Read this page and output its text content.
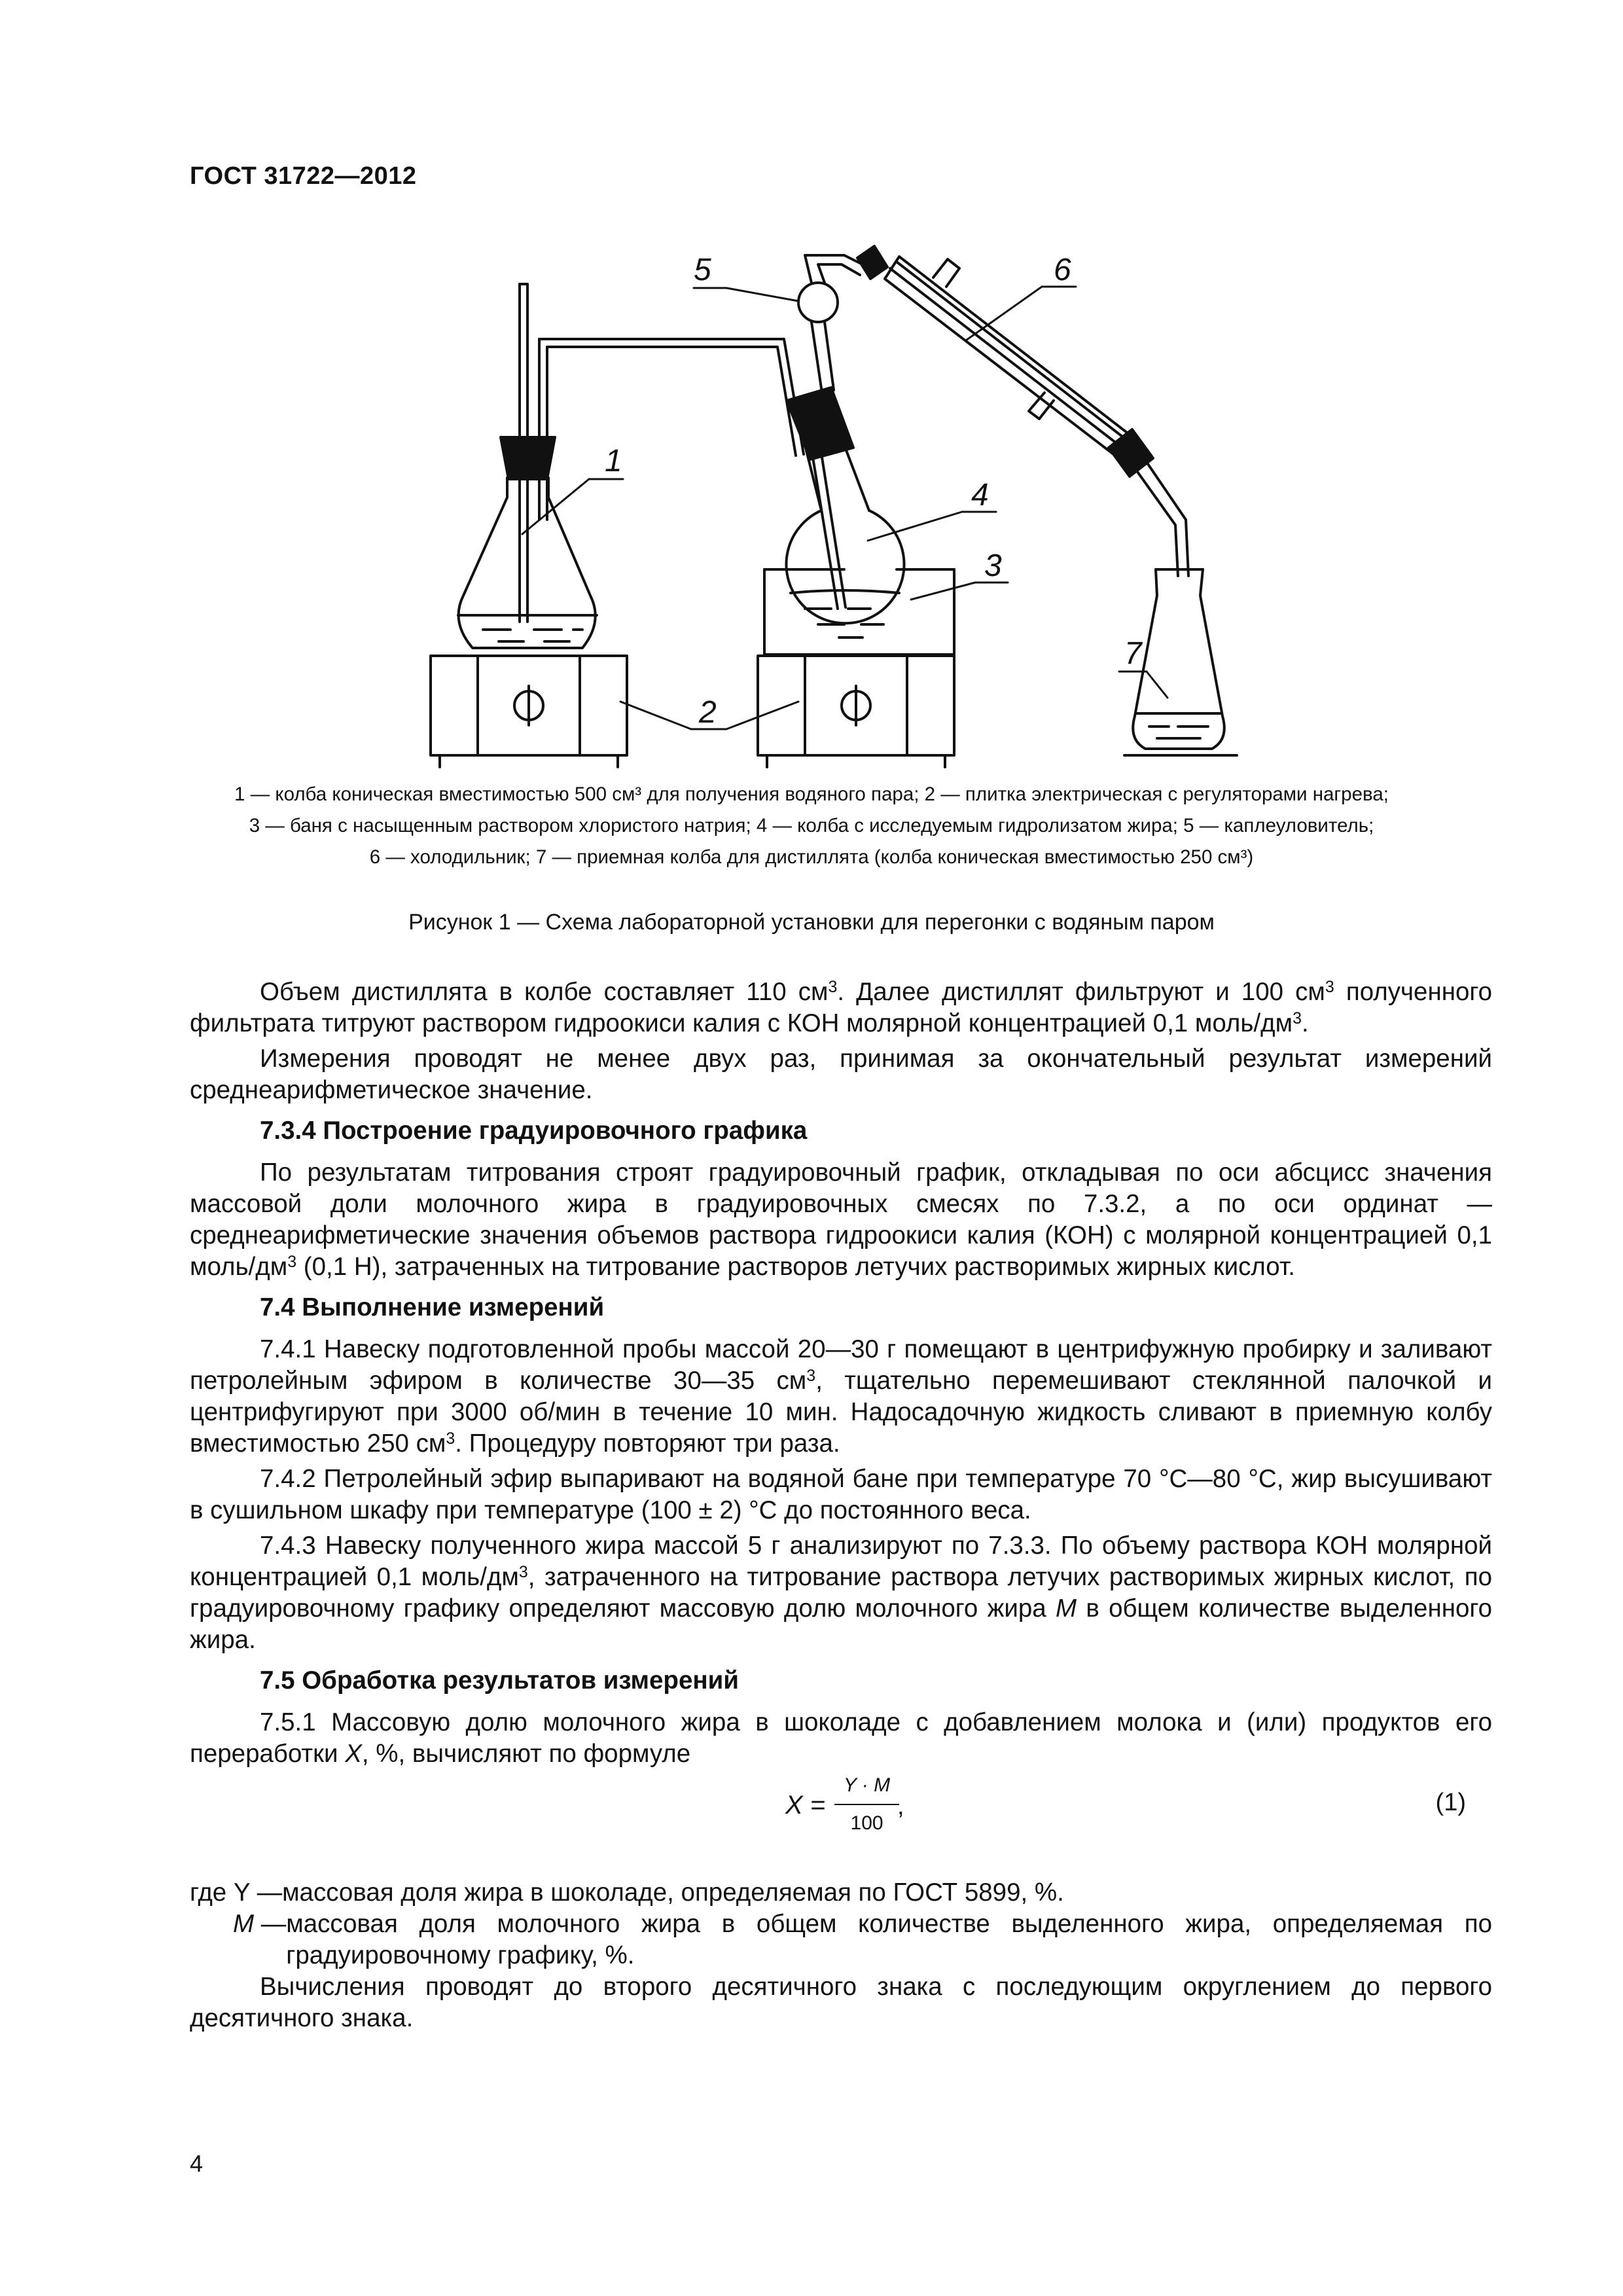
ГОСТ 31722—2012
1
2
3
4
5	6
7
1 — колба коническая вместимостью 500 см³ для получения водяного пара; 2 — плитка электрическая с регуляторами нагрева;
3 — баня с насыщенным раствором хлористого натрия; 4 — колба с исследуемым гидролизатом жира; 5 — каплеуловитель;
6 — холодильник; 7 — приемная колба для дистиллята (колба коническая вместимостью 250 см³)
Рисунок 1 — Схема лабораторной установки для перегонки с водяным паром

Объем дистиллята в колбе составляет 110 $см^3$. Далее дистиллят фильтруют и 100 $см^3$ полученного фильтрата титруют раствором гидроокиси калия с КОН молярной концентрацией 0,1 моль/$дм^3$.

Измерения проводят не менее двух раз, принимая за окончательный результат измерений среднеарифметическое значение.

7.3.4 Построение градуировочного графика

По результатам титрования строят градуировочный график, откладывая по оси абсцисс значения массовой доли молочного жира в градуировочных смесях по 7.3.2, а по оси ординат — среднеарифметические значения объемов раствора гидроокиси калия (КОН) с молярной концентрацией 0,1 моль/$дм^3$ (0,1 Н), затраченных на титрование растворов летучих растворимых жирных кислот.

7.4 Выполнение измерений

7.4.1 Навеску подготовленной пробы массой 20—30 г помещают в центрифужную пробирку и заливают петролейным эфиром в количестве 30—35 $см^3$, тщательно перемешивают стеклянной палочкой и центрифугируют при 3000 об/мин в течение 10 мин. Надосадочную жидкость сливают в приемную колбу вместимостью 250 $см^3$. Процедуру повторяют три раза.

7.4.2 Петролейный эфир выпаривают на водяной бане при температуре 70 °С—80 °С, жир высушивают в сушильном шкафу при температуре (100 ± 2) °С до постоянного веса.

7.4.3 Навеску полученного жира массой 5 г анализируют по 7.3.3. По объему раствора КОН молярной концентрацией 0,1 моль/$дм^3$, затраченного на титрование раствора летучих растворимых жирных кислот, по градуировочному графику определяют массовую долю молочного жира М в общем количестве выделенного жира.

7.5 Обработка результатов измерений

7.5.1 Массовую долю молочного жира в шоколаде с добавлением молока и (или) продуктов его переработки X, %, вычисляют по формуле

X =
Y · M
100
,	(1)
где Y — массовая доля жира в шоколаде, определяемая по ГОСТ 5899, %.
М — массовая доля молочного жира в общем количестве выделенного жира, определяемая по градуировочному графику, %.

Вычисления проводят до второго десятичного знака с последующим округлением до первого десятичного знака.

4
